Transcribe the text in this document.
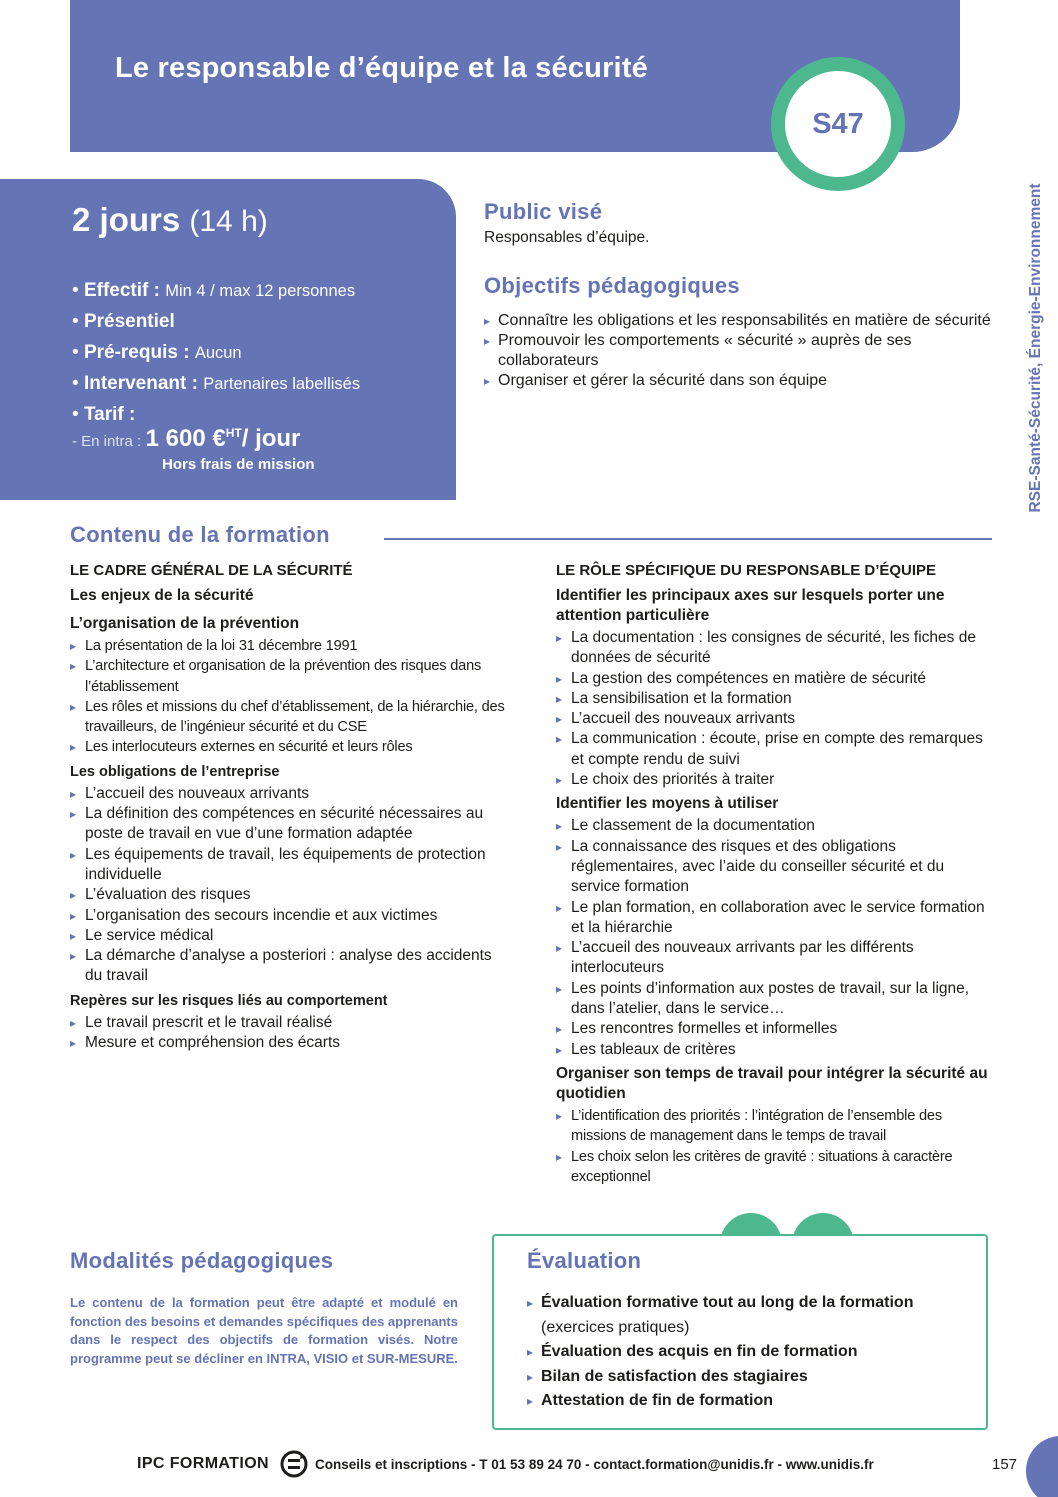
Le responsable d’équipe et la sécurité
S47
RSE-Santé-Sécurité, Énergie-Environnement
2 jours (14 h)
• Effectif : Min 4 / max 12 personnes
• Présentiel
• Pré-requis : Aucun
• Intervenant : Partenaires labellisés
• Tarif :
- En intra : 1 600 €$^{HT}$/ jour
Hors frais de mission
Public visé
Responsables d’équipe.
Objectifs pédagogiques
▸ Connaître les obligations et les responsabilités en matière de sécurité
▸ Promouvoir les comportements « sécurité » auprès de ses collaborateurs
▸ Organiser et gérer la sécurité dans son équipe
Contenu de la formation
LE CADRE GÉNÉRAL DE LA SÉCURITÉ
Les enjeux de la sécurité
L’organisation de la prévention
▸ La présentation de la loi 31 décembre 1991
▸ L’architecture et organisation de la prévention des risques dans l’établissement
▸ Les rôles et missions du chef d’établissement, de la hiérarchie, des travailleurs, de l’ingénieur sécurité et du CSE
▸ Les interlocuteurs externes en sécurité et leurs rôles
Les obligations de l’entreprise
▸ L’accueil des nouveaux arrivants
▸ La définition des compétences en sécurité nécessaires au poste de travail en vue d’une formation adaptée
▸ Les équipements de travail, les équipements de protection individuelle
▸ L’évaluation des risques
▸ L’organisation des secours incendie et aux victimes
▸ Le service médical
▸ La démarche d’analyse a posteriori : analyse des accidents du travail
Repères sur les risques liés au comportement
▸ Le travail prescrit et le travail réalisé
▸ Mesure et compréhension des écarts
LE RÔLE SPÉCIFIQUE DU RESPONSABLE D’ÉQUIPE
Identifier les principaux axes sur lesquels porter une attention particulière
▸ La documentation : les consignes de sécurité, les fiches de données de sécurité
▸ La gestion des compétences en matière de sécurité
▸ La sensibilisation et la formation
▸ L’accueil des nouveaux arrivants
▸ La communication : écoute, prise en compte des remarques et compte rendu de suivi
▸ Le choix des priorités à traiter
Identifier les moyens à utiliser
▸ Le classement de la documentation
▸ La connaissance des risques et des obligations réglementaires, avec l’aide du conseiller sécurité et du service formation
▸ Le plan formation, en collaboration avec le service formation et la hiérarchie
▸ L’accueil des nouveaux arrivants par les différents interlocuteurs
▸ Les points d’information aux postes de travail, sur la ligne, dans l’atelier, dans le service…
▸ Les rencontres formelles et informelles
▸ Les tableaux de critères
Organiser son temps de travail pour intégrer la sécurité au quotidien
▸ L’identification des priorités : l’intégration de l’ensemble des missions de management dans le temps de travail
▸ Les choix selon les critères de gravité : situations à caractère exceptionnel
Modalités pédagogiques
Le contenu de la formation peut être adapté et modulé en fonction des besoins et demandes spécifiques des apprenants dans le respect des objectifs de formation visés. Notre programme peut se décliner en INTRA, VISIO et SUR-MESURE.
Évaluation
▸ Évaluation formative tout au long de la formation
(exercices pratiques)
▸ Évaluation des acquis en fin de formation
▸ Bilan de satisfaction des stagiaires
▸ Attestation de fin de formation
IPC FORMATION	Conseils et inscriptions - T 01 53 89 24 70 - contact.formation@unidis.fr - www.unidis.fr	157
